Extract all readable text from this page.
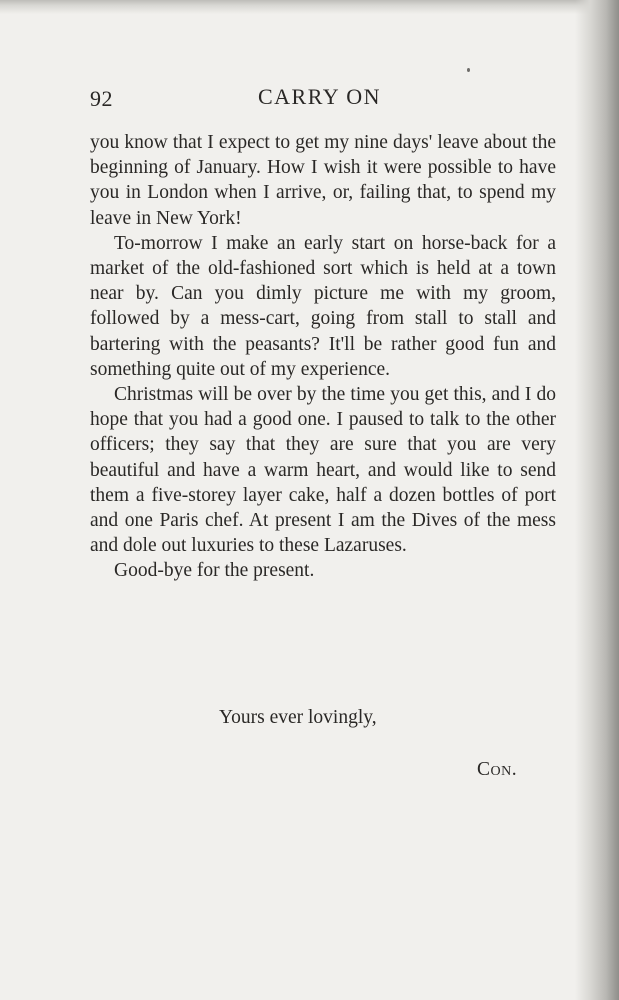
92	CARRY ON

you know that I expect to get my nine days' leave about the beginning of January. How I wish it were possible to have you in London when I arrive, or, failing that, to spend my leave in New York!

To-morrow I make an early start on horse-back for a market of the old-fashioned sort which is held at a town near by. Can you dimly picture me with my groom, followed by a mess-cart, going from stall to stall and bartering with the peasants? It'll be rather good fun and something quite out of my experience.

Christmas will be over by the time you get this, and I do hope that you had a good one. I paused to talk to the other officers; they say that they are sure that you are very beautiful and have a warm heart, and would like to send them a five-storey layer cake, half a dozen bottles of port and one Paris chef. At present I am the Dives of the mess and dole out luxuries to these Lazaruses.

Good-bye for the present.

Yours ever lovingly,
Con.
